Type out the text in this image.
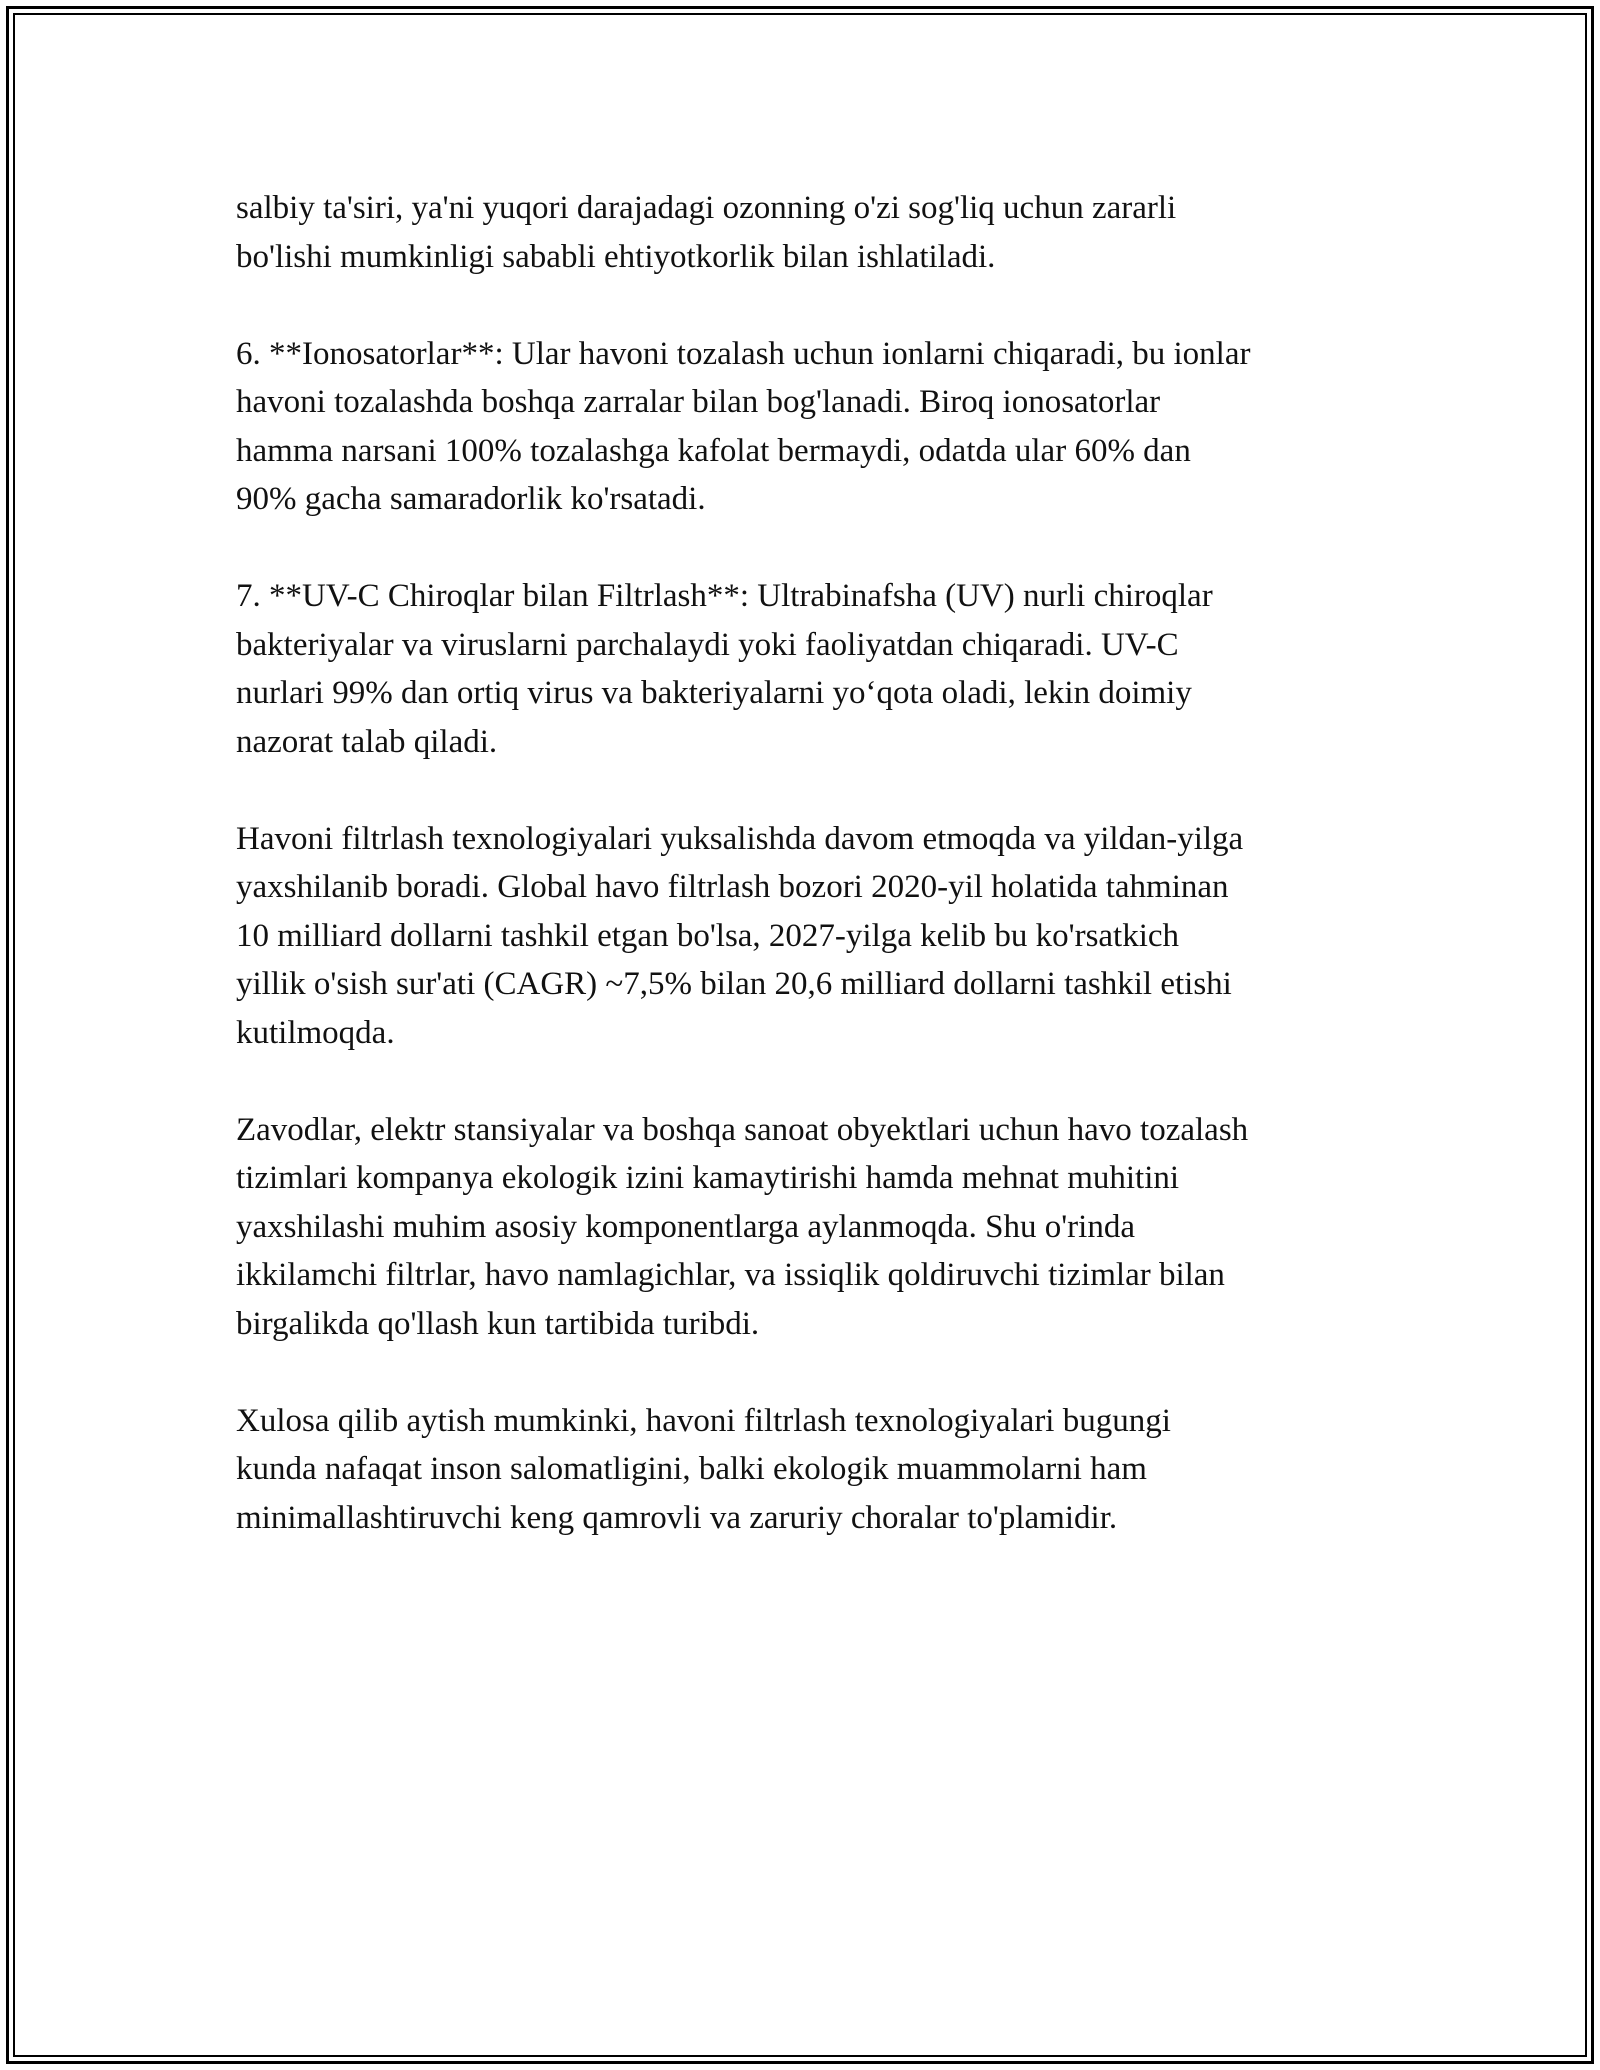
salbiy ta'siri, ya'ni yuqori darajadagi ozonning o'zi sog'liq uchun zararli
bo'lishi mumkinligi sababli ehtiyotkorlik bilan ishlatiladi.

6. **Ionosatorlar**: Ular havoni tozalash uchun ionlarni chiqaradi, bu ionlar
havoni tozalashda boshqa zarralar bilan bog'lanadi. Biroq ionosatorlar
hamma narsani 100% tozalashga kafolat bermaydi, odatda ular 60% dan
90% gacha samaradorlik ko'rsatadi.

7. **UV-C Chiroqlar bilan Filtrlash**: Ultrabinafsha (UV) nurli chiroqlar
bakteriyalar va viruslarni parchalaydi yoki faoliyatdan chiqaradi. UV-C
nurlari 99% dan ortiq virus va bakteriyalarni yo‘qota oladi, lekin doimiy
nazorat talab qiladi.

Havoni filtrlash texnologiyalari yuksalishda davom etmoqda va yildan-yilga
yaxshilanib boradi. Global havo filtrlash bozori 2020-yil holatida tahminan
10 milliard dollarni tashkil etgan bo'lsa, 2027-yilga kelib bu ko'rsatkich
yillik o'sish sur'ati (CAGR) ~7,5% bilan 20,6 milliard dollarni tashkil etishi
kutilmoqda.

Zavodlar, elektr stansiyalar va boshqa sanoat obyektlari uchun havo tozalash
tizimlari kompanya ekologik izini kamaytirishi hamda mehnat muhitini
yaxshilashi muhim asosiy komponentlarga aylanmoqda. Shu o'rinda
ikkilamchi filtrlar, havo namlagichlar, va issiqlik qoldiruvchi tizimlar bilan
birgalikda qo'llash kun tartibida turibdi.

Xulosa qilib aytish mumkinki, havoni filtrlash texnologiyalari bugungi
kunda nafaqat inson salomatligini, balki ekologik muammolarni ham
minimallashtiruvchi keng qamrovli va zaruriy choralar to'plamidir.
